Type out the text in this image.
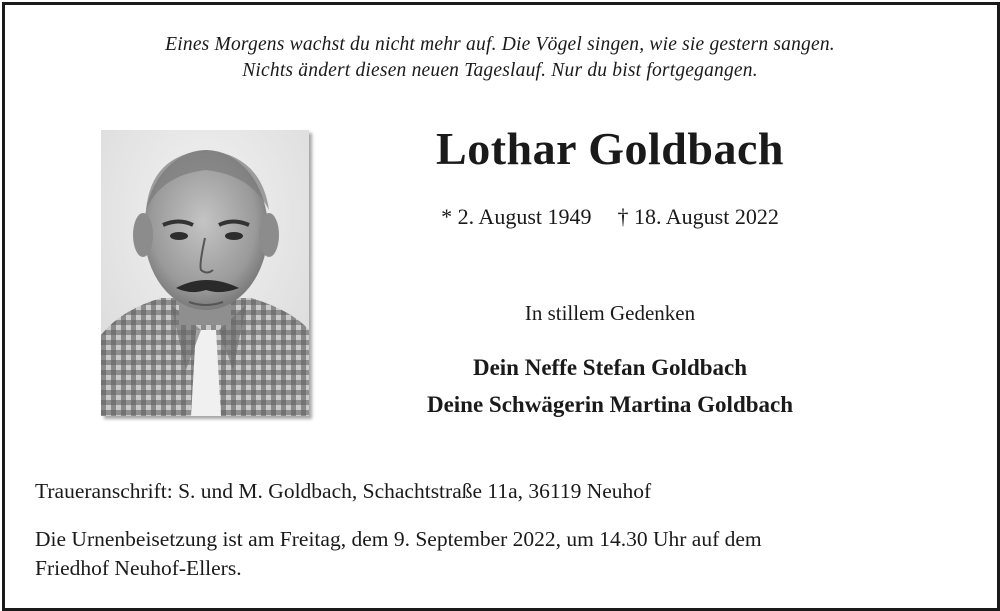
Eines Morgens wachst du nicht mehr auf. Die Vögel singen, wie sie gestern sangen.
Nichts ändert diesen neuen Tageslauf. Nur du bist fortgegangen.
Lothar Goldbach
* 2. August 1949 † 18. August 2022
In stillem Gedenken
Dein Neffe Stefan Goldbach
Deine Schwägerin Martina Goldbach
Traueranschrift: S. und M. Goldbach, Schachtstraße 11a, 36119 Neuhof
Die Urnenbeisetzung ist am Freitag, dem 9. September 2022, um 14.30 Uhr auf dem
Friedhof Neuhof-Ellers.
